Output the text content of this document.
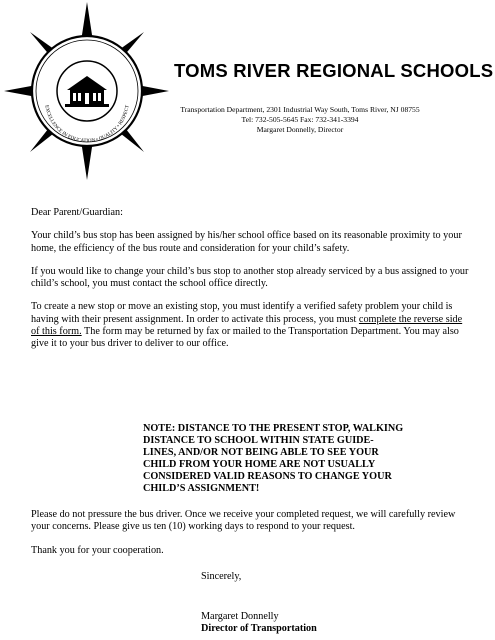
EXCELLENCE IN EDUCATION • QUALITY • RESPECT
TOMS RIVER REGIONAL SCHOOLS
Transportation Department, 2301 Industrial Way South, Toms River, NJ 08755
Tel: 732-505-5645 Fax: 732-341-3394
Margaret Donnelly, Director

Dear Parent/Guardian:

Your child’s bus stop has been assigned by his/her school office based on its reasonable proximity to your home, the efficiency of the bus route and consideration for your child’s safety.

If you would like to change your child’s bus stop to another stop already serviced by a bus assigned to your child’s school, you must contact the school office directly.

To create a new stop or move an existing stop, you must identify a verified safety problem your child is having with their present assignment. In order to activate this process, you must complete the reverse side of this form. The form may be returned by fax or mailed to the Transportation Department. You may also give it to your bus driver to deliver to our office.

NOTE: DISTANCE TO THE PRESENT STOP, WALKING
DISTANCE TO SCHOOL WITHIN STATE GUIDE-
LINES, AND/OR NOT BEING ABLE TO SEE YOUR
CHILD FROM YOUR HOME ARE NOT USUALLY
CONSIDERED VALID REASONS TO CHANGE YOUR
CHILD’S ASSIGNMENT!

Please do not pressure the bus driver. Once we receive your completed request, we will carefully review your concerns. Please give us ten (10) working days to respond to your request.

Thank you for your cooperation.

Sincerely,
Margaret Donnelly
Director of Transportation
